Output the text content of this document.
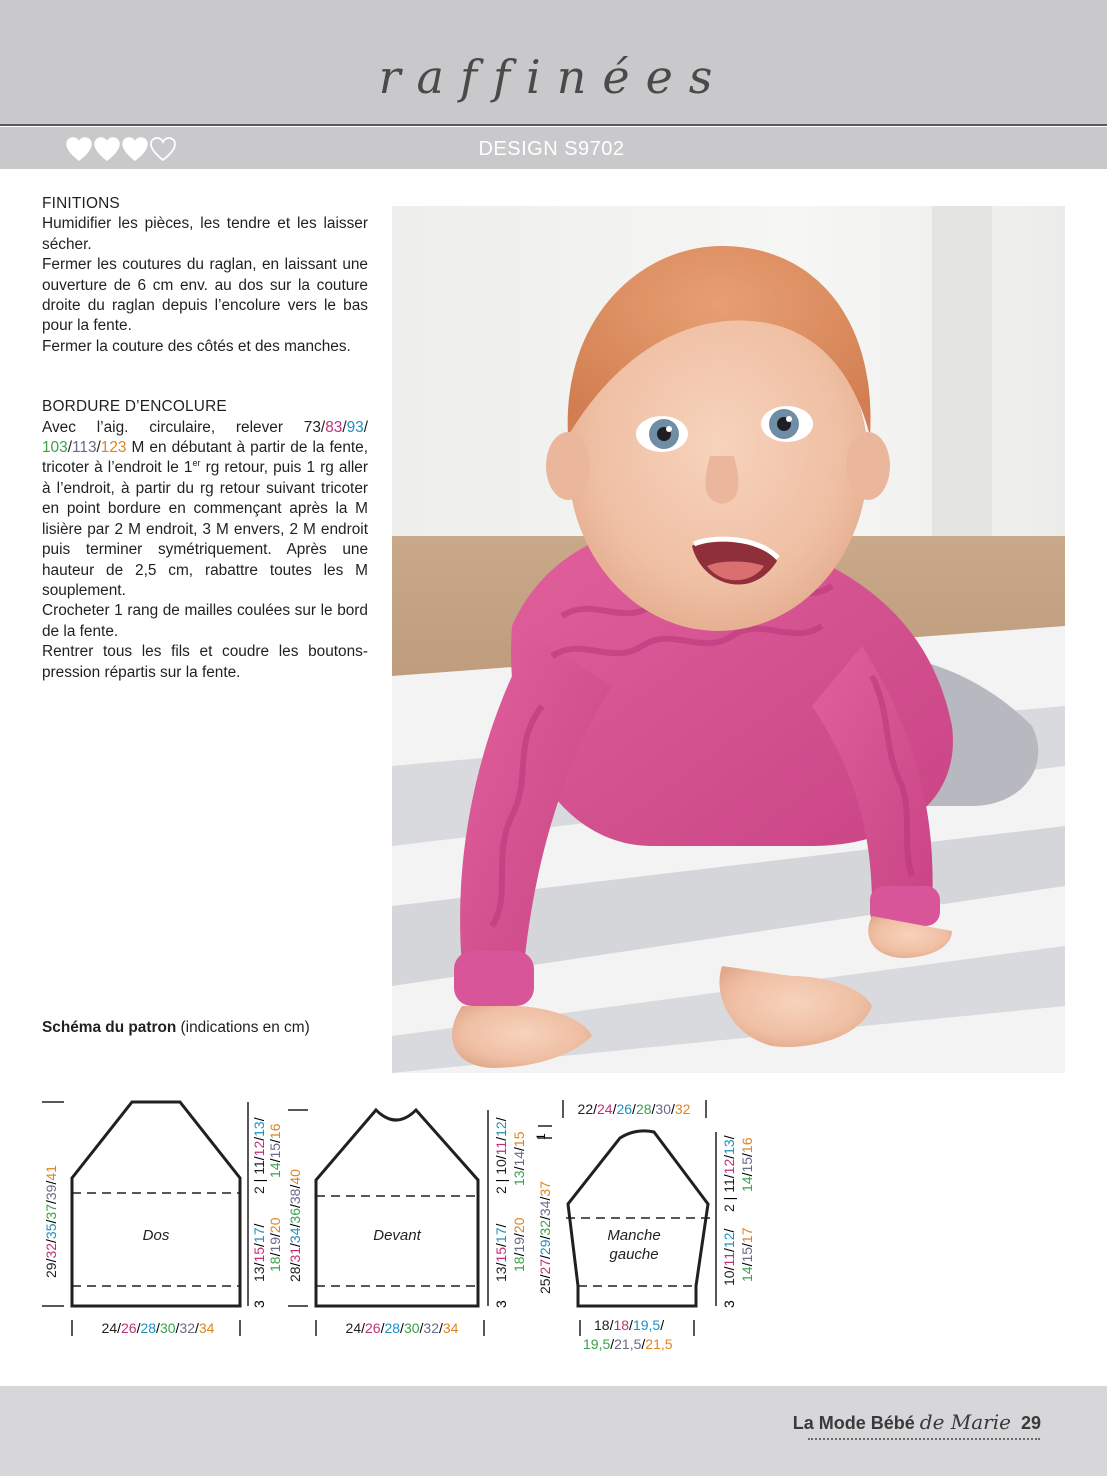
raffinées
DESIGN S9702
FINITIONS

Humidifier les pièces, les tendre et les laisser sécher.

Fermer les coutures du raglan, en laissant une ouverture de 6 cm env. au dos sur la couture droite du raglan depuis l’encolure vers le bas pour la fente.

Fermer la couture des côtés et des manches.

BORDURE D’ENCOLURE

Avec l’aig. circulaire, relever 73/83/93/ 103/113/123 M en débutant à partir de la fente, tricoter à l’endroit le 1er rg retour, puis 1 rg aller à l’endroit, à partir du rg retour suivant tricoter en point bordure en commençant après la M lisière par 2 M endroit, 3 M envers, 2 M endroit puis terminer symétriquement. Après une hauteur de 2,5 cm, rabattre toutes les M souplement.

Crocheter 1 rang de mailles coulées sur le bord de la fente.

Rentrer tous les fils et coudre les boutons-pression répartis sur la fente.

Schéma du patron (indications en cm)
Dos
29/32/35/37/39/41
2 | 11/12/13/
14/15/16
13/15/17/
18/19/20
3
24/26/28/30/32/34
Devant
28/31/34/36/38/40
2 | 10/11/12/
13/14/15
13/15/17/
18/19/20
3
24/26/28/30/32/34
Manche
gauche
22/24/26/28/30/32
1
25/27/29/32/34/37
2 | 11/12/13/
14/15/16
10/11/12/
14/15/17
3
18/18/19,5/
19,5/21,5/21,5
La Mode Bébé de Marie 29
